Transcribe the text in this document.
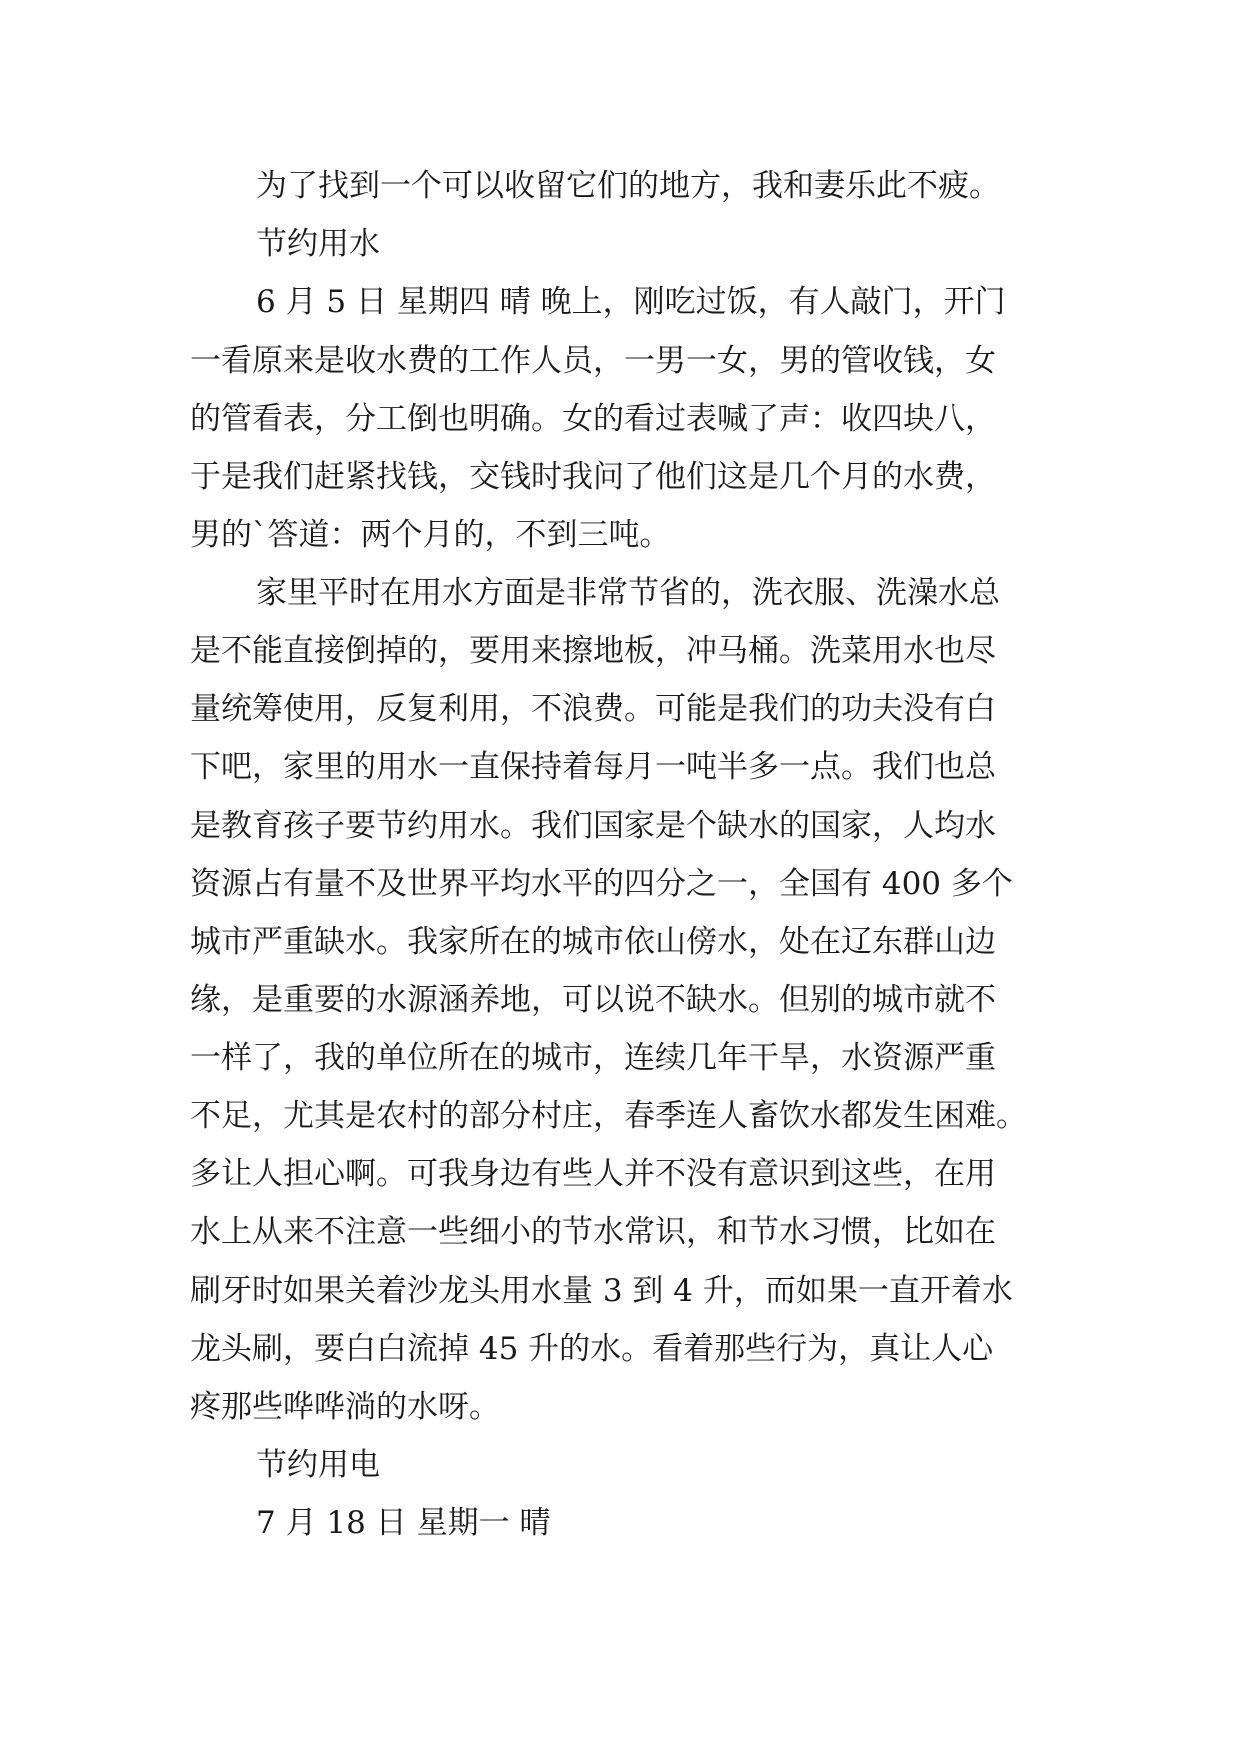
为了找到一个可以收留它们的地方，我和妻乐此不疲。
节约用水
6 月 5 日 星期四 晴 晚上，刚吃过饭，有人敲门，开门
一看原来是收水费的工作人员，一男一女，男的管收钱，女
的管看表，分工倒也明确。女的看过表喊了声：收四块八，
于是我们赶紧找钱，交钱时我问了他们这是几个月的水费，
男的`答道：两个月的，不到三吨。
家里平时在用水方面是非常节省的，洗衣服、洗澡水总
是不能直接倒掉的，要用来擦地板，冲马桶。洗菜用水也尽
量统筹使用，反复利用，不浪费。可能是我们的功夫没有白
下吧，家里的用水一直保持着每月一吨半多一点。我们也总
是教育孩子要节约用水。我们国家是个缺水的国家，人均水
资源占有量不及世界平均水平的四分之一，全国有 400 多个
城市严重缺水。我家所在的城市依山傍水，处在辽东群山边
缘，是重要的水源涵养地，可以说不缺水。但别的城市就不
一样了，我的单位所在的城市，连续几年干旱，水资源严重
不足，尤其是农村的部分村庄，春季连人畜饮水都发生困难。
多让人担心啊。可我身边有些人并不没有意识到这些，在用
水上从来不注意一些细小的节水常识，和节水习惯，比如在
刷牙时如果关着沙龙头用水量 3 到 4 升，而如果一直开着水
龙头刷，要白白流掉 45 升的水。看着那些行为，真让人心
疼那些哗哗淌的水呀。
节约用电
7 月 18 日 星期一 晴
